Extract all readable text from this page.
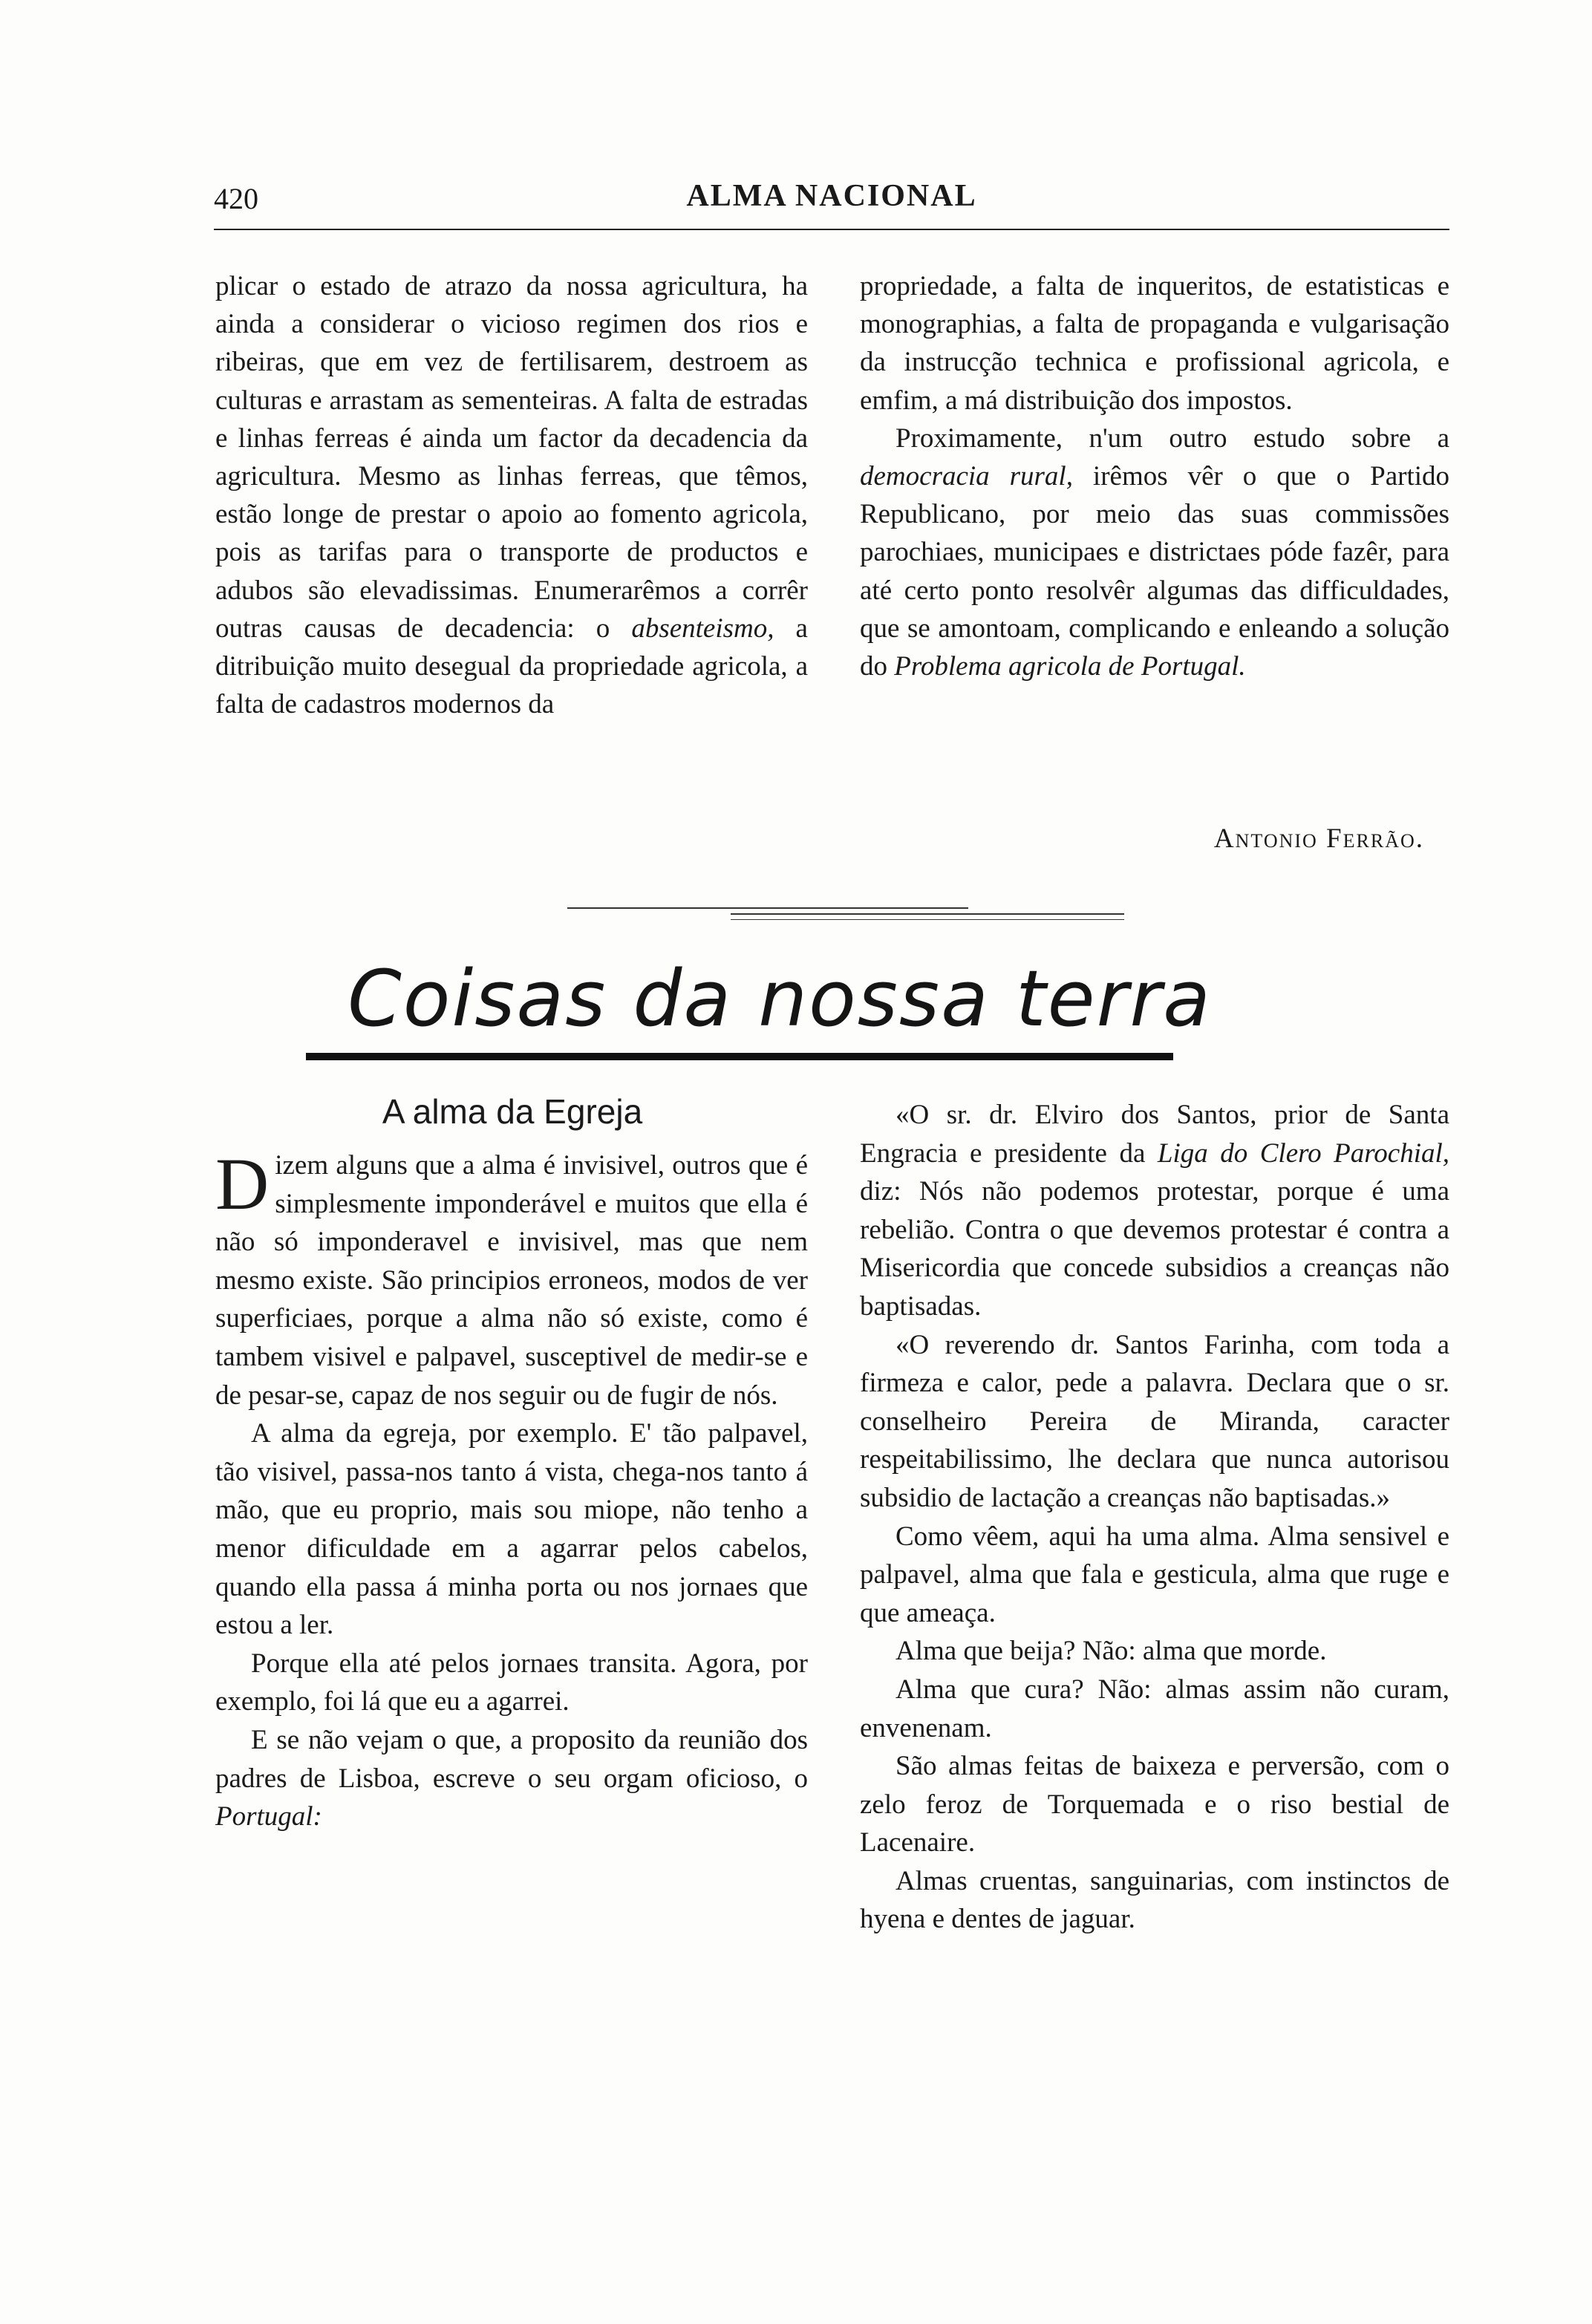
420	ALMA NACIONAL

plicar o estado de atrazo da nossa agricultura, ha ainda a considerar o vicioso regimen dos rios e ribeiras, que em vez de fertilisarem, destroem as culturas e arrastam as sementeiras. A falta de estradas e linhas ferreas é ainda um factor da decadencia da agricultura. Mesmo as linhas ferreas, que têmos, estão longe de prestar o apoio ao fomento agricola, pois as tarifas para o transporte de productos e adubos são elevadissimas. Enumerarêmos a corrêr outras causas de decadencia: o absenteismo, a ditribuição muito desegual da propriedade agricola, a falta de cadastros modernos da

propriedade, a falta de inqueritos, de estatisticas e monographias, a falta de propaganda e vulgarisação da instrucção technica e profissional agricola, e emfim, a má distribuição dos impostos.

Proximamente, n'um outro estudo sobre a democracia rural, irêmos vêr o que o Partido Republicano, por meio das suas commissões parochiaes, municipaes e districtaes póde fazêr, para até certo ponto resolvêr algumas das difficuldades, que se amontoam, complicando e enleando a solução do Problema agricola de Portugal.

Antonio Ferrão.
Coisas da nossa terra
A alma da Egreja

Dizem alguns que a alma é invisivel, outros que é simplesmente imponderável e muitos que ella é não só imponderavel e invisivel, mas que nem mesmo existe. São principios erroneos, modos de ver superficiaes, porque a alma não só existe, como é tambem visivel e palpavel, susceptivel de medir-se e de pesar-se, capaz de nos seguir ou de fugir de nós.

A alma da egreja, por exemplo. E' tão palpavel, tão visivel, passa-nos tanto á vista, chega-nos tanto á mão, que eu proprio, mais sou miope, não tenho a menor dificuldade em a agarrar pelos cabelos, quando ella passa á minha porta ou nos jornaes que estou a ler.

Porque ella até pelos jornaes transita. Agora, por exemplo, foi lá que eu a agarrei.

E se não vejam o que, a proposito da reunião dos padres de Lisboa, escreve o seu orgam oficioso, o Portugal:

«O sr. dr. Elviro dos Santos, prior de Santa Engracia e presidente da Liga do Clero Parochial, diz: Nós não podemos protestar, porque é uma rebelião. Contra o que devemos protestar é contra a Misericordia que concede subsidios a creanças não baptisadas.

«O reverendo dr. Santos Farinha, com toda a firmeza e calor, pede a palavra. Declara que o sr. conselheiro Pereira de Miranda, caracter respeitabilissimo, lhe declara que nunca autorisou subsidio de lactação a creanças não baptisadas.»

Como vêem, aqui ha uma alma. Alma sensivel e palpavel, alma que fala e gesticula, alma que ruge e que ameaça.

Alma que beija? Não: alma que morde.

Alma que cura? Não: almas assim não curam, envenenam.

São almas feitas de baixeza e perversão, com o zelo feroz de Torquemada e o riso bestial de Lacenaire.

Almas cruentas, sanguinarias, com instinctos de hyena e dentes de jaguar.
